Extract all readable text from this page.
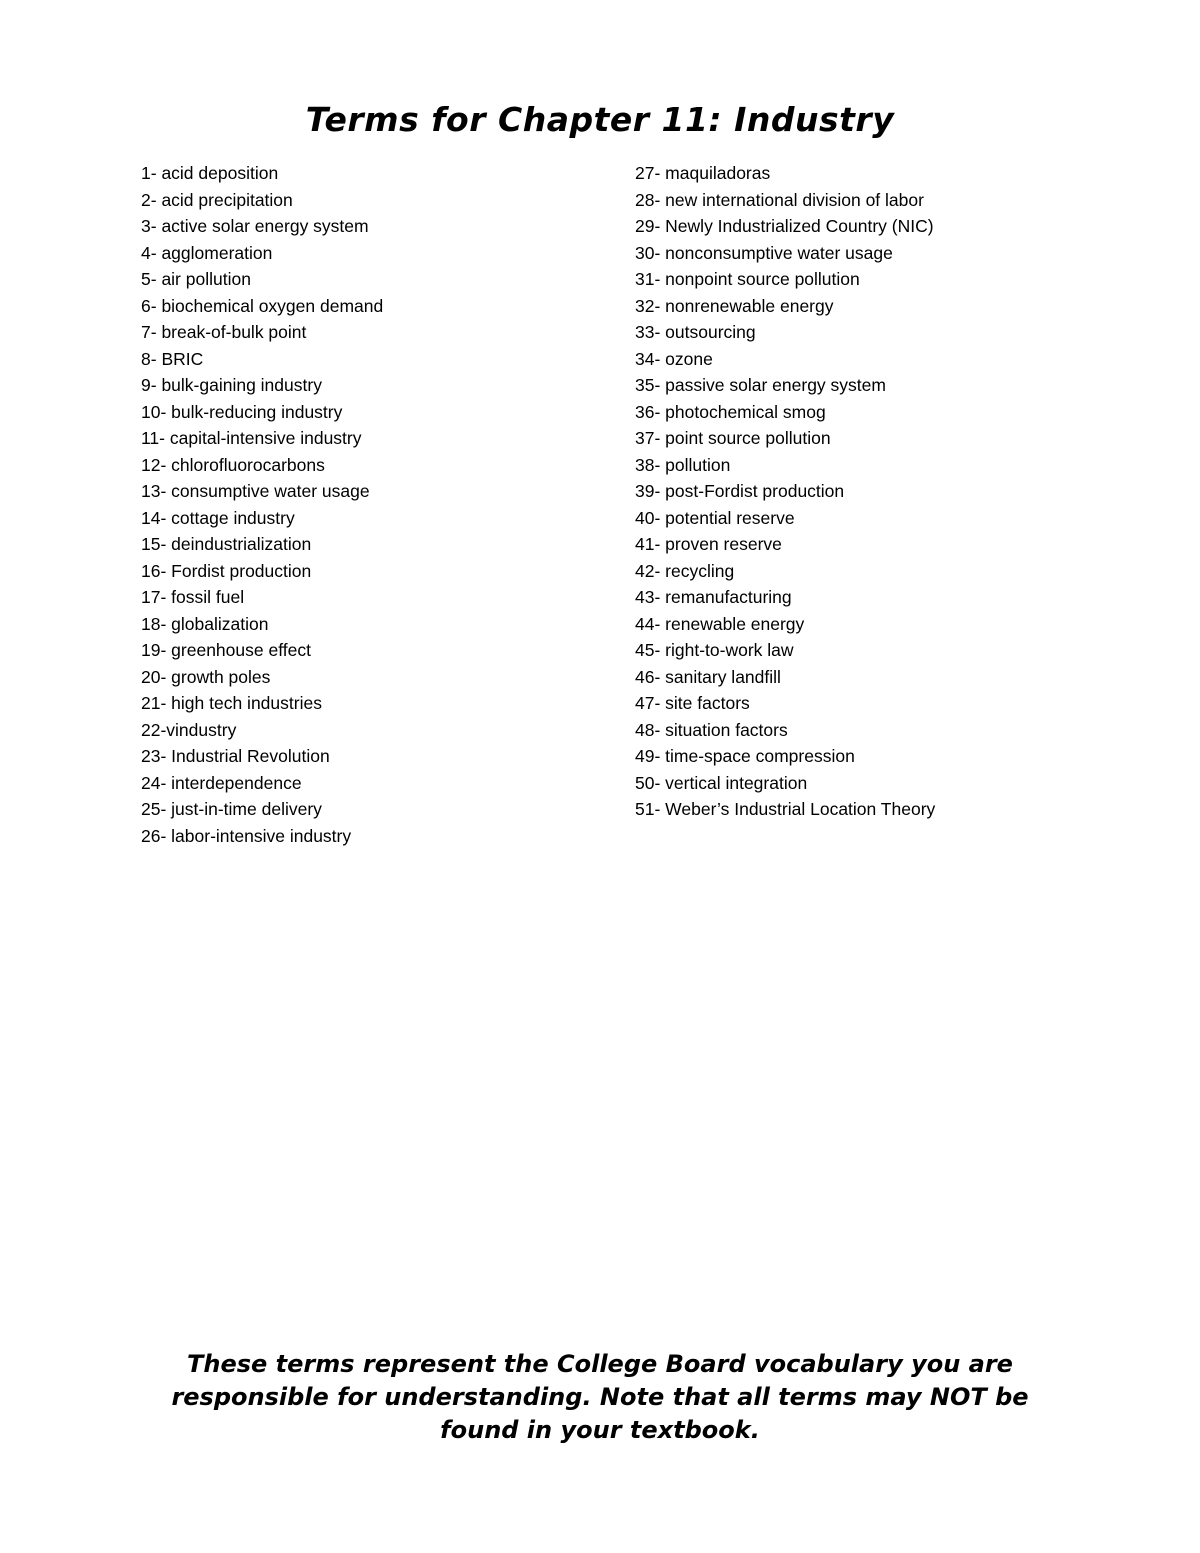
Terms for Chapter 11: Industry
1- acid deposition
2- acid precipitation
3- active solar energy system
4- agglomeration
5- air pollution
6- biochemical oxygen demand
7- break-of-bulk point
8- BRIC
9- bulk-gaining industry
10- bulk-reducing industry
11- capital-intensive industry
12- chlorofluorocarbons
13- consumptive water usage
14- cottage industry
15- deindustrialization
16- Fordist production
17- fossil fuel
18- globalization
19- greenhouse effect
20- growth poles
21- high tech industries
22-vindustry
23- Industrial Revolution
24- interdependence
25- just-in-time delivery
26- labor-intensive industry
27- maquiladoras
28- new international division of labor
29- Newly Industrialized Country (NIC)
30- nonconsumptive water usage
31- nonpoint source pollution
32- nonrenewable energy
33- outsourcing
34- ozone
35- passive solar energy system
36- photochemical smog
37- point source pollution
38- pollution
39- post-Fordist production
40- potential reserve
41- proven reserve
42- recycling
43- remanufacturing
44- renewable energy
45- right-to-work law
46- sanitary landfill
47- site factors
48- situation factors
49- time-space compression
50- vertical integration
51- Weber’s Industrial Location Theory

These terms represent the College Board vocabulary you are responsible for understanding. Note that all terms may NOT be found in your textbook.
